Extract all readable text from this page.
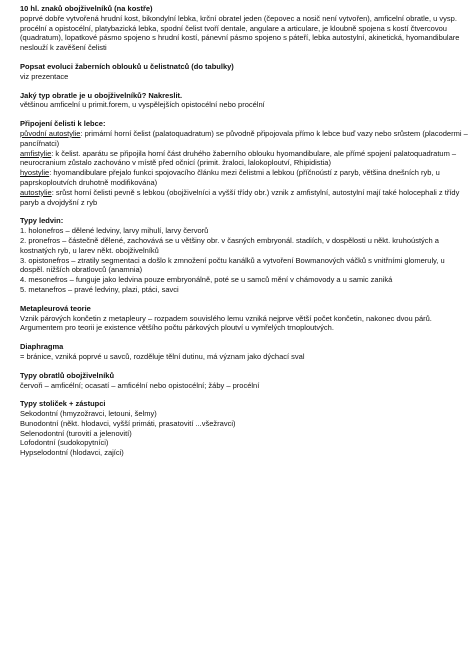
10 hl. znaků obojživelníků (na kostře)

poprvé dobře vytvořená hrudní kost, bikondylní lebka, krční obratel jeden (čepovec a nosič není vytvořen), amficelní obratle, u vysp. procélní a opistocélní, platybazická lebka, spodní čelist tvoří dentale, angulare a articulare, je kloubně spojena s kostí čtvercovou (quadratum), lopatkové pásmo spojeno s hrudní kostí, pánevní pásmo spojeno s páteří, lebka autostylní, akinetická, hyomandibulare neslouží k zavěšení čelisti

Popsat evoluci žaberních oblouků u čelistnatců (do tabulky)

viz prezentace

Jaký typ obratle je u obojživelníků? Nakreslit.

většinou amficelní u primit.forem, u vyspělejších opistocélní nebo procélní

Připojení čelisti k lebce:

původní autostylie: primární horní čelist (palatoquadratum) se původně připojovala přímo k lebce buď vazy nebo srůstem (placodermi – pancířnatci)

amfistylie: k čelist. aparátu se připojila horní část druhého žaberního oblouku hyomandibulare, ale přímé spojení palatoquadratum – neurocranium zůstalo zachováno v místě před očnicí (primit. žraloci, lalokoploutví, Rhipidistia)

hyostylie: hyomandibulare přejalo funkci spojovacího článku mezi čelistmi a lebkou (příčnoústí z paryb, většina dnešních ryb, u paprskoploutvích druhotně modifikována)

autostylie: srůst horní čelisti pevně s lebkou (obojživelníci a vyšší třídy obr.) vznik z amfistylní, autostylní mají také holocephali z třídy paryb a dvojdyšní z ryb

Typy ledvin:

1. holonefros – dělené ledviny, larvy mihulí, larvy červorů

2. pronefros – částečně dělené, zachovává se u většiny obr. v časných embryonál. stadiích, v dospělosti u někt. kruhoústých a kostnatých ryb, u larev někt. obojživelníků

3. opistonefros – ztratily segmentaci a došlo k zmnožení počtu kanálků a vytvoření Bowmanových váčků s vnitřními glomeruly, u dospěl. nižších obratlovců (anamnia)

4. mesonefros – funguje jako ledvina pouze embryonálně, poté se u samců mění v chámovody a u samic zaniká

5. metanefros – pravé ledviny, plazi, ptáci, savci

Metapleurová teorie

Vznik párových končetin z metapleury – rozpadem souvislého lemu vzniká nejprve větší počet končetin, nakonec dvou párů. Argumentem pro teorii je existence většího počtu párkových ploutví u vymřelých trnoploutvých.

Diaphragma

= bránice, vzniká poprvé u savců, rozděluje tělní dutinu, má význam jako dýchací sval

Typy obratlů obojživelníků

červoři – amficélní; ocasatí – amficélní nebo opistocélní; žáby – procélní

Typy stoliček + zástupci

Sekodontní (hmyzožravci, letouni, šelmy)

Bunodontní (někt. hlodavci, vyšší primáti, prasatovití ...všežravci)

Selenodontní (turovití a jelenovití)

Lofodontní (sudokopytníci)

Hypselodontní (hlodavci, zajíci)
